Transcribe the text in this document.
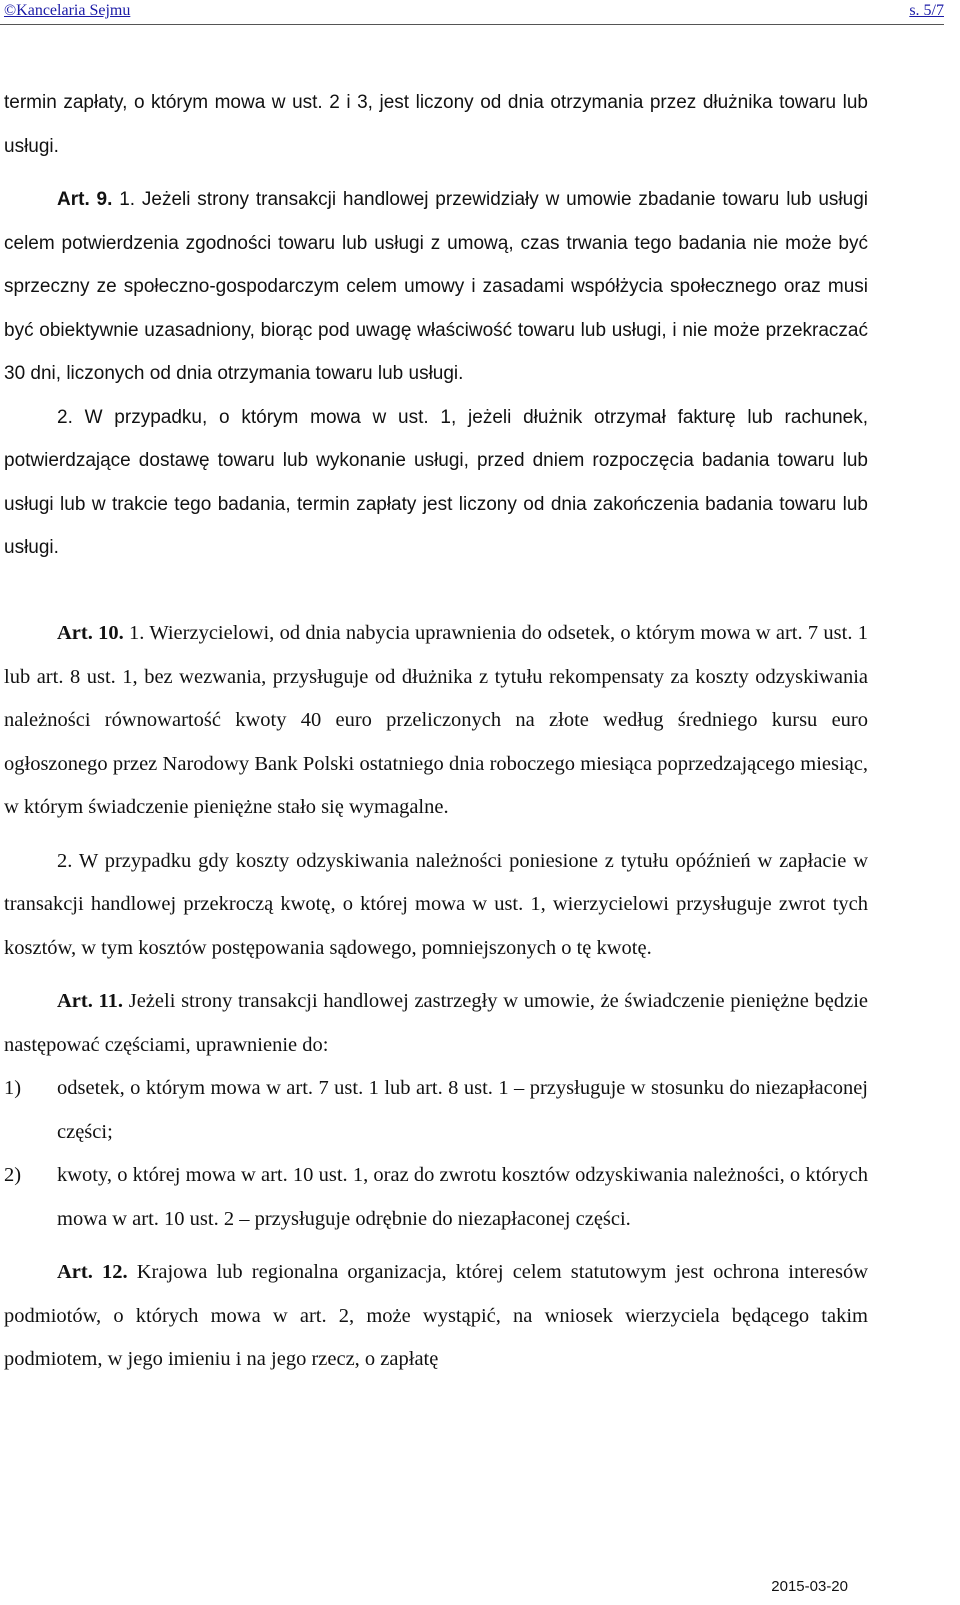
©Kancelaria Sejmu	s. 5/7

termin zapłaty, o którym mowa w ust. 2 i 3, jest liczony od dnia otrzymania przez dłużnika towaru lub usługi.

Art. 9. 1. Jeżeli strony transakcji handlowej przewidziały w umowie zbadanie towaru lub usługi celem potwierdzenia zgodności towaru lub usługi z umową, czas trwania tego badania nie może być sprzeczny ze społeczno-gospodarczym celem umowy i zasadami współżycia społecznego oraz musi być obiektywnie uzasadniony, biorąc pod uwagę właściwość towaru lub usługi, i nie może przekraczać 30 dni, liczonych od dnia otrzymania towaru lub usługi.

2. W przypadku, o którym mowa w ust. 1, jeżeli dłużnik otrzymał fakturę lub rachunek, potwierdzające dostawę towaru lub wykonanie usługi, przed dniem rozpoczęcia badania towaru lub usługi lub w trakcie tego badania, termin zapłaty jest liczony od dnia zakończenia badania towaru lub usługi.

Art. 10. 1. Wierzycielowi, od dnia nabycia uprawnienia do odsetek, o którym mowa w art. 7 ust. 1 lub art. 8 ust. 1, bez wezwania, przysługuje od dłużnika z tytułu rekompensaty za koszty odzyskiwania należności równowartość kwoty 40 euro przeliczonych na złote według średniego kursu euro ogłoszonego przez Narodowy Bank Polski ostatniego dnia roboczego miesiąca poprzedzającego miesiąc, w którym świadczenie pieniężne stało się wymagalne.

2. W przypadku gdy koszty odzyskiwania należności poniesione z tytułu opóźnień w zapłacie w transakcji handlowej przekroczą kwotę, o której mowa w ust. 1, wierzycielowi przysługuje zwrot tych kosztów, w tym kosztów postępowania sądowego, pomniejszonych o tę kwotę.

Art. 11. Jeżeli strony transakcji handlowej zastrzegły w umowie, że świadczenie pieniężne będzie następować częściami, uprawnienie do:

1)	odsetek, o którym mowa w art. 7 ust. 1 lub art. 8 ust. 1 – przysługuje w stosunku do niezapłaconej części;
2)	kwoty, o której mowa w art. 10 ust. 1, oraz do zwrotu kosztów odzyskiwania należności, o których mowa w art. 10 ust. 2 – przysługuje odrębnie do niezapłaconej części.

Art. 12. Krajowa lub regionalna organizacja, której celem statutowym jest ochrona interesów podmiotów, o których mowa w art. 2, może wystąpić, na wniosek wierzyciela będącego takim podmiotem, w jego imieniu i na jego rzecz, o zapłatę

2015-03-20
